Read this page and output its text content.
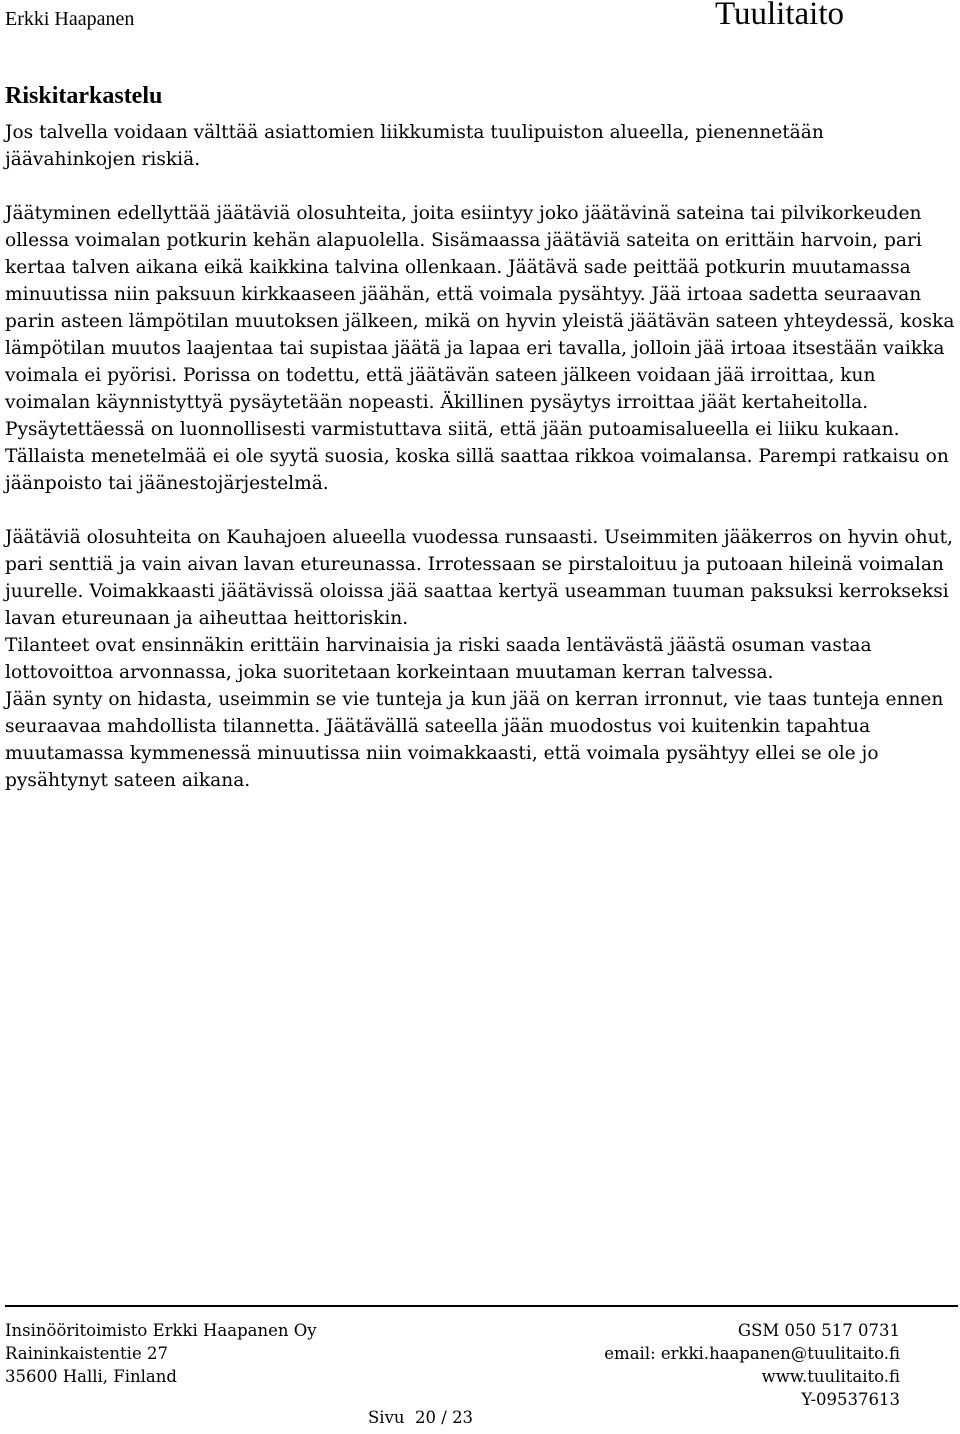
Erkki Haapanen	Tuulitaito
Riskitarkastelu

Jos talvella voidaan välttää asiattomien liikkumista tuulipuiston alueella, pienennetään jäävahinkojen riskiä.

Jäätyminen edellyttää jäätäviä olosuhteita, joita esiintyy joko jäätävinä sateina tai pilvikorkeuden ollessa voimalan potkurin kehän alapuolella. Sisämaassa jäätäviä sateita on erittäin harvoin, pari kertaa talven aikana eikä kaikkina talvina ollenkaan. Jäätävä sade peittää potkurin muutamassa minuutissa niin paksuun kirkkaaseen jäähän, että voimala pysähtyy. Jää irtoaa sadetta seuraavan parin asteen lämpötilan muutoksen jälkeen, mikä on hyvin yleistä jäätävän sateen yhteydessä, koska lämpötilan muutos laajentaa tai supistaa jäätä ja lapaa eri tavalla, jolloin jää irtoaa itsestään vaikka voimala ei pyörisi. Porissa on todettu, että jäätävän sateen jälkeen voidaan jää irroittaa, kun voimalan käynnistyttyä pysäytetään nopeasti. Äkillinen pysäytys irroittaa jäät kertaheitolla. Pysäytettäessä on luonnollisesti varmistuttava siitä, että jään putoamisalueella ei liiku kukaan. Tällaista menetelmää ei ole syytä suosia, koska sillä saattaa rikkoa voimalansa. Parempi ratkaisu on jäänpoisto tai jäänestojärjestelmä.

Jäätäviä olosuhteita on Kauhajoen alueella vuodessa runsaasti. Useimmiten jääkerros on hyvin ohut, pari senttiä ja vain aivan lavan etureunassa. Irrotessaan se pirstaloituu ja putoaan hileinä voimalan juurelle. Voimakkaasti jäätävissä oloissa jää saattaa kertyä useamman tuuman paksuksi kerrokseksi lavan etureunaan ja aiheuttaa heittoriskin.

Tilanteet ovat ensinnäkin erittäin harvinaisia ja riski saada lentävästä jäästä osuman vastaa lottovoittoa arvonnassa, joka suoritetaan korkeintaan muutaman kerran talvessa.

Jään synty on hidasta, useimmin se vie tunteja ja kun jää on kerran irronnut, vie taas tunteja ennen seuraavaa mahdollista tilannetta. Jäätävällä sateella jään muodostus voi kuitenkin tapahtua muutamassa kymmenessä minuutissa niin voimakkaasti, että voimala pysähtyy ellei se ole jo pysähtynyt sateen aikana.

Insinööritoimisto Erkki Haapanen Oy
Raininkaistentie 27
35600 Halli, Finland
GSM 050 517 0731
email: erkki.haapanen@tuulitaito.fi
www.tuulitaito.fi
Y-09537613
Sivu  20 / 23
